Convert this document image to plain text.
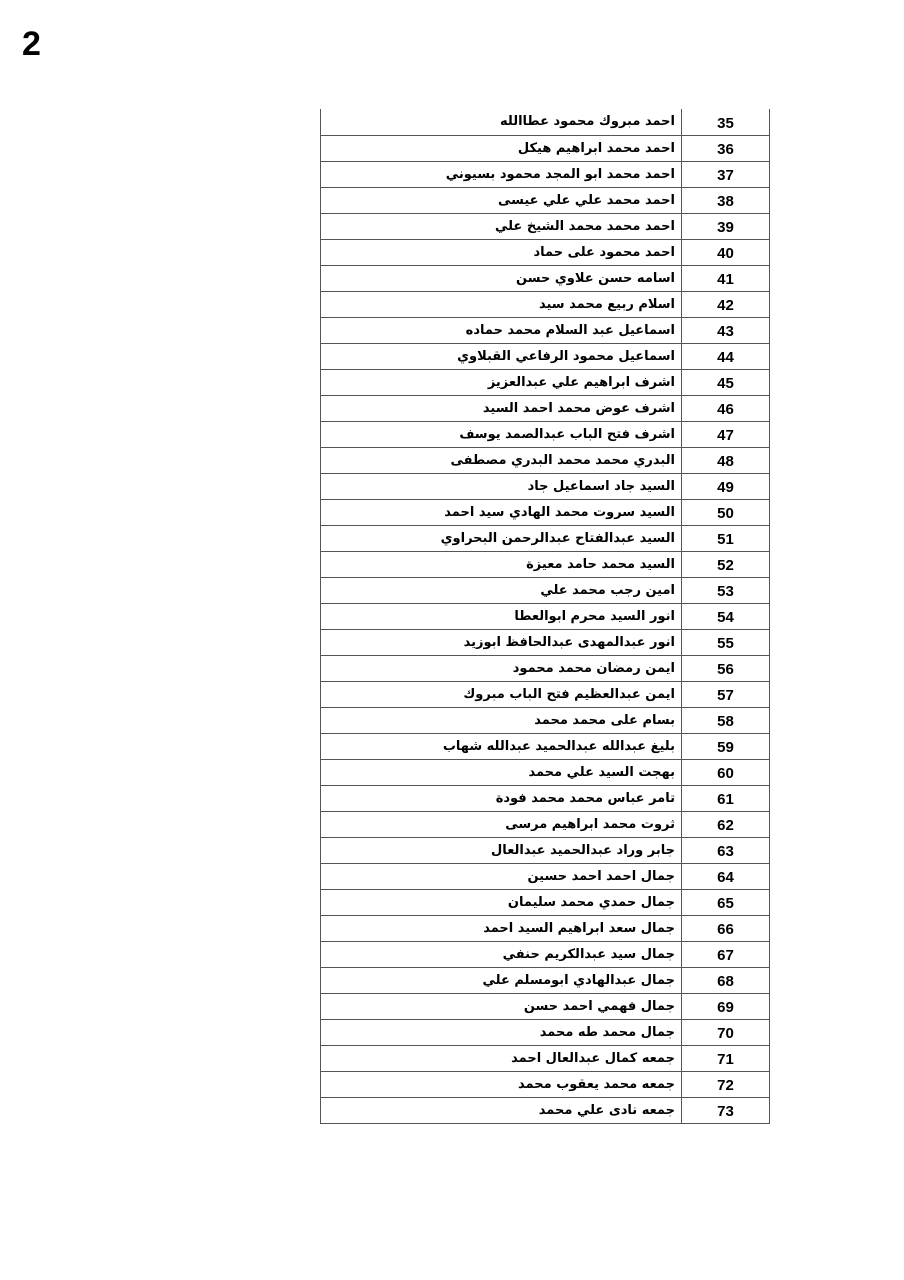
2
احمد مبروك محمود عطاالله	35
احمد محمد ابراهيم هيكل	36
احمد محمد ابو المجد محمود بسيوني	37
احمد محمد علي علي عيسى	38
احمد محمد محمد الشيخ علي	39
احمد محمود على حماد	40
اسامه حسن علاوي حسن	41
اسلام ربيع محمد سيد	42
اسماعيل عبد السلام محمد حماده	43
اسماعيل محمود الرفاعي القبلاوي	44
اشرف ابراهيم علي عبدالعزيز	45
اشرف عوض محمد احمد السيد	46
اشرف فتح الباب عبدالصمد يوسف	47
البدري محمد محمد البدري مصطفى	48
السيد جاد اسماعيل جاد	49
السيد سروت محمد الهادي سيد احمد	50
السيد عبدالفتاح عبدالرحمن البحراوي	51
السيد محمد حامد معيزة	52
امين رجب محمد علي	53
انور السيد محرم ابوالعطا	54
انور عبدالمهدى عبدالحافظ ابوزيد	55
ايمن رمضان محمد محمود	56
ايمن عبدالعظيم فتح الباب مبروك	57
بسام على محمد محمد	58
بليغ عبدالله عبدالحميد عبدالله شهاب	59
بهجت السيد علي محمد	60
تامر عباس محمد محمد فودة	61
ثروت محمد ابراهيم مرسى	62
جابر وراد عبدالحميد عبدالعال	63
جمال احمد احمد حسين	64
جمال حمدي محمد سليمان	65
جمال سعد ابراهيم السيد احمد	66
جمال سيد عبدالكريم حنفي	67
جمال عبدالهادي ابومسلم علي	68
جمال فهمي احمد حسن	69
جمال محمد طه محمد	70
جمعه كمال عبدالعال احمد	71
جمعه محمد يعقوب محمد	72
جمعه نادى علي محمد	73
